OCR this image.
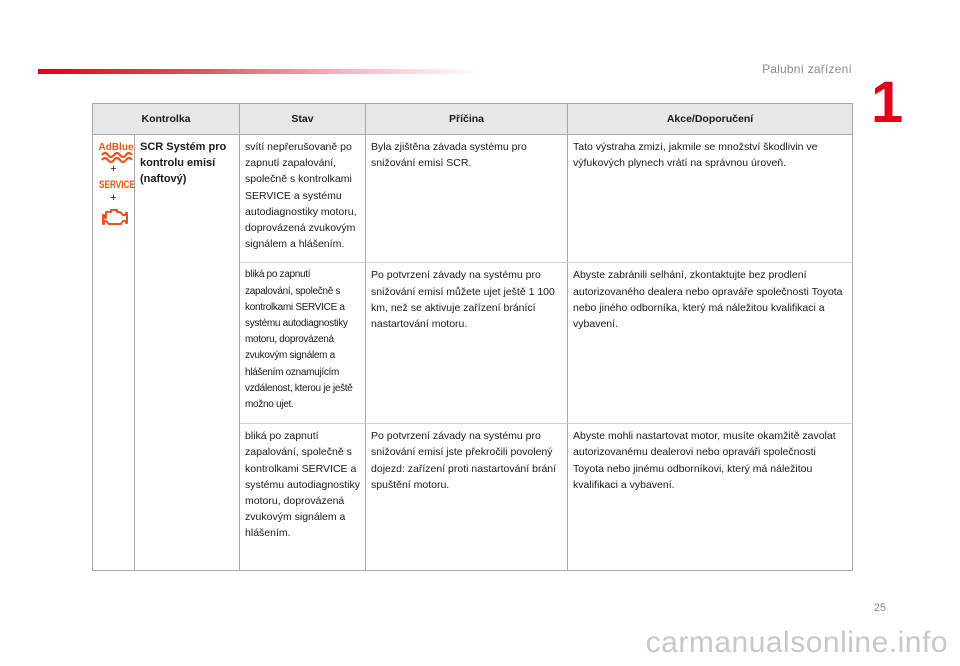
Palubní zařízení
1
Kontrolka		Stav	Příčina	Akce/Doporučení

AdBlue
+
SERVICE
+	SCR Systém pro kontrolu emisí (naftový)	svítí nepřerušovaně po zapnutí zapalování, společně s kontrolkami SERVICE a systému autodiagnostiky motoru, doprovázená zvukovým signálem a hlášením.	Byla zjištěna závada systému pro snižování emisí SCR.	Tato výstraha zmizí, jakmile se množství škodlivin ve výfukových plynech vrátí na správnou úroveň.
		bliká po zapnutí zapalování, společně s kontrolkami SERVICE a systému autodiagnostiky motoru, doprovázená zvukovým signálem a hlášením oznamujícím vzdálenost, kterou je ještě možno ujet.	Po potvrzení závady na systému pro snižování emisí můžete ujet ještě 1 100 km, než se aktivuje zařízení bránící nastartování motoru.	Abyste zabránili selhání, zkontaktujte bez prodlení autorizovaného dealera nebo opraváře společnosti Toyota nebo jiného odborníka, který má náležitou kvalifikaci a vybavení.
		bliká po zapnutí zapalování, společně s kontrolkami SERVICE a systému autodiagnostiky motoru, doprovázená zvukovým signálem a hlášením.	Po potvrzení závady na systému pro snižování emisí jste překročili povolený dojezd: zařízení proti nastartování brání spuštění motoru.	Abyste mohli nastartovat motor, musíte okamžitě zavolat autorizovanému dealerovi nebo opraváři společnosti Toyota nebo jinému odborníkovi, který má náležitou kvalifikaci a vybavení.
25
carmanualsonline.info
